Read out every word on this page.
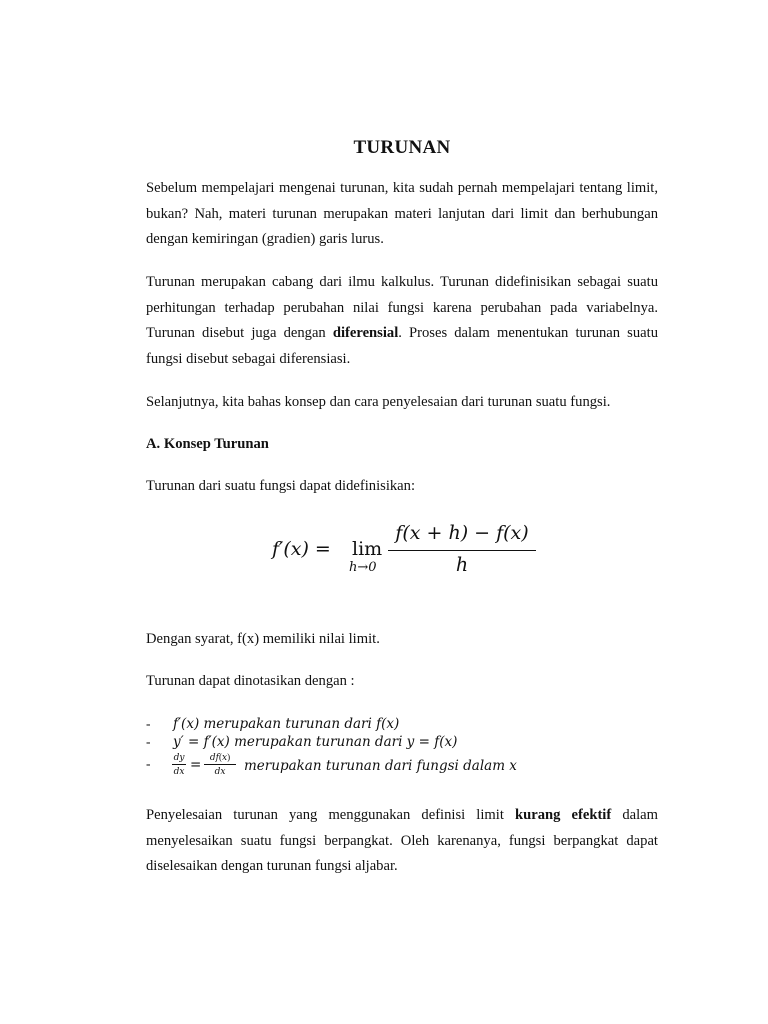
TURUNAN

Sebelum mempelajari mengenai turunan, kita sudah pernah mempelajari tentang limit, bukan? Nah, materi turunan merupakan materi lanjutan dari limit dan berhubungan dengan kemiringan (gradien) garis lurus.

Turunan merupakan cabang dari ilmu kalkulus. Turunan didefinisikan sebagai suatu perhitungan terhadap perubahan nilai fungsi karena perubahan pada variabelnya. Turunan disebut juga dengan diferensial. Proses dalam menentukan turunan suatu fungsi disebut sebagai diferensiasi.

Selanjutnya, kita bahas konsep dan cara penyelesaian dari turunan suatu fungsi.

A. Konsep Turunan

Turunan dari suatu fungsi dapat didefinisikan:

𝑓′(𝑥) = lim
ℎ→0
𝑓(𝑥 + ℎ) − 𝑓(𝑥)
ℎ

Dengan syarat, f(x) memiliki nilai limit.

Turunan dapat dinotasikan dengan :

- 𝑓′(𝑥) 𝑚𝑒𝑟𝑢𝑝𝑎𝑘𝑎𝑛 𝑡𝑢𝑟𝑢𝑛𝑎𝑛 𝑑𝑎𝑟𝑖 𝑓(𝑥)
- 𝑦′ = 𝑓′(𝑥) 𝑚𝑒𝑟𝑢𝑝𝑎𝑘𝑎𝑛 𝑡𝑢𝑟𝑢𝑛𝑎𝑛 𝑑𝑎𝑟𝑖 𝑦 = 𝑓(𝑥)
-	𝑑𝑦
𝑑𝑥 = 𝑑𝑓(𝑥)
𝑑𝑥	𝑚𝑒𝑟𝑢𝑝𝑎𝑘𝑎𝑛 𝑡𝑢𝑟𝑢𝑛𝑎𝑛 𝑑𝑎𝑟𝑖 𝑓𝑢𝑛𝑔𝑠𝑖 𝑑𝑎𝑙𝑎𝑚 𝑥

Penyelesaian turunan yang menggunakan definisi limit kurang efektif dalam menyelesaikan suatu fungsi berpangkat. Oleh karenanya, fungsi berpangkat dapat diselesaikan dengan turunan fungsi aljabar.
